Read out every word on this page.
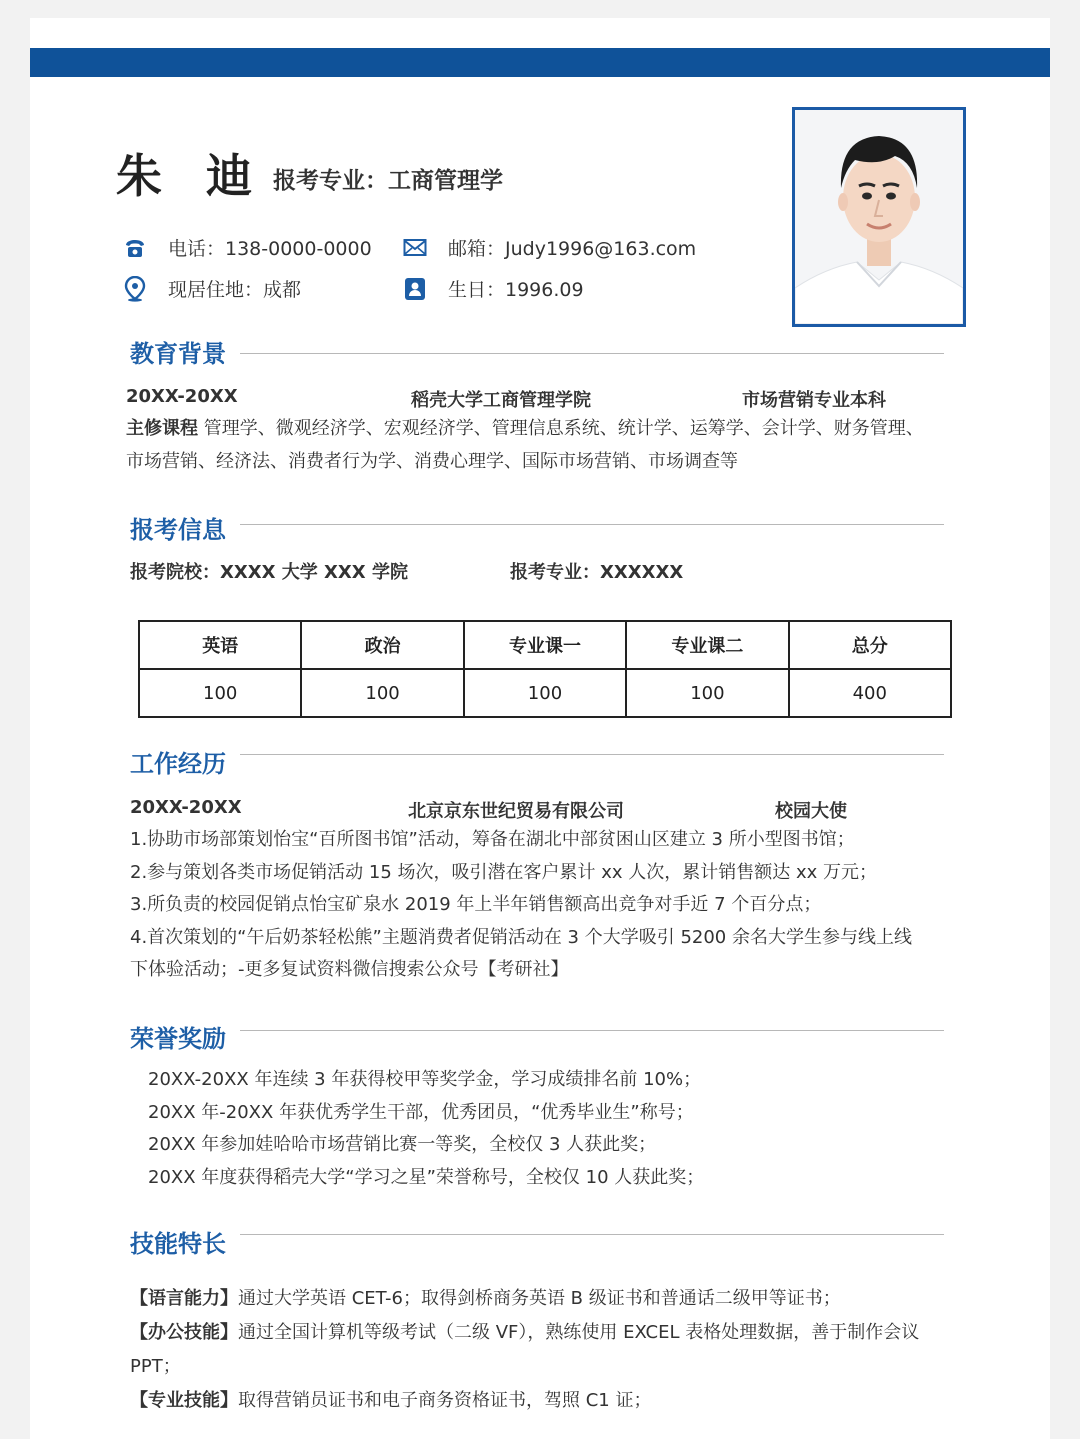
朱 迪 报考专业：工商管理学
电话：138-0000-0000	邮箱：Judy1996@163.com
现居住地：成都	生日：1996.09
教育背景
20XX-20XX	稻壳大学工商管理学院	市场营销专业本科
主修课程 管理学、微观经济学、宏观经济学、管理信息系统、统计学、运筹学、会计学、财务管理、
市场营销、经济法、消费者行为学、消费心理学、国际市场营销、市场调查等
报考信息
报考院校：XXXX 大学 XXX 学院	报考专业：XXXXXX
英语	政治	专业课一	专业课二	总分
100	100	100	100	400
工作经历
20XX-20XX	北京京东世纪贸易有限公司	校园大使
1.协助市场部策划怡宝“百所图书馆”活动，筹备在湖北中部贫困山区建立 3 所小型图书馆；
2.参与策划各类市场促销活动 15 场次，吸引潜在客户累计 xx 人次，累计销售额达 xx 万元；
3.所负责的校园促销点怡宝矿泉水 2019 年上半年销售额高出竞争对手近 7 个百分点；
4.首次策划的“午后奶茶轻松熊”主题消费者促销活动在 3 个大学吸引 5200 余名大学生参与线上线
下体验活动；-更多复试资料微信搜索公众号【考研社】
荣誉奖励
20XX-20XX 年连续 3 年获得校甲等奖学金，学习成绩排名前 10%；
20XX 年-20XX 年获优秀学生干部，优秀团员，“优秀毕业生”称号；
20XX 年参加娃哈哈市场营销比赛一等奖，全校仅 3 人获此奖；
20XX 年度获得稻壳大学“学习之星”荣誉称号，全校仅 10 人获此奖；
技能特长
【语言能力】通过大学英语 CET-6；取得剑桥商务英语 B 级证书和普通话二级甲等证书；
【办公技能】通过全国计算机等级考试（二级 VF），熟练使用 EXCEL 表格处理数据，善于制作会议
PPT；
【专业技能】取得营销员证书和电子商务资格证书，驾照 C1 证；
